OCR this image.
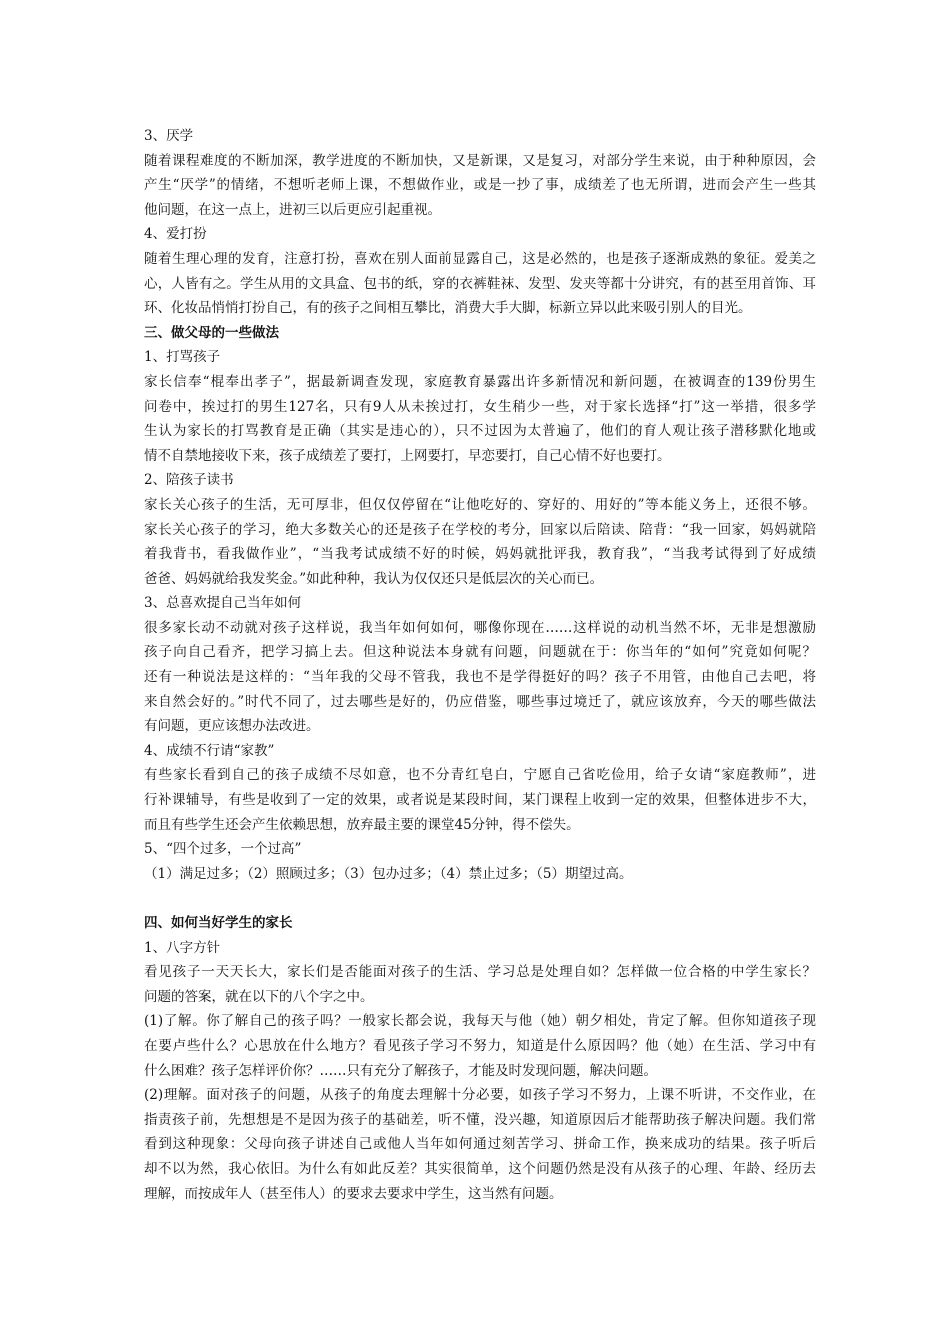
3、厌学
随着课程难度的不断加深，教学进度的不断加快，又是新课，又是复习，对部分学生来说，由于种种原因，会
产生“厌学”的情绪，不想听老师上课，不想做作业，或是一抄了事，成绩差了也无所谓，进而会产生一些其
他问题，在这一点上，进初三以后更应引起重视。
4、爱打扮
随着生理心理的发育，注意打扮，喜欢在别人面前显露自己，这是必然的，也是孩子逐渐成熟的象征。爱美之
心，人皆有之。学生从用的文具盒、包书的纸，穿的衣裤鞋袜、发型、发夹等都十分讲究，有的甚至用首饰、耳
环、化妆品悄悄打扮自己，有的孩子之间相互攀比，消费大手大脚，标新立异以此来吸引别人的目光。
三、做父母的一些做法
1、打骂孩子
家长信奉“棍奉出孝子”，据最新调查发现，家庭教育暴露出许多新情况和新问题，在被调查的139份男生
问卷中，挨过打的男生127名，只有9人从未挨过打，女生稍少一些，对于家长选择“打”这一举措，很多学
生认为家长的打骂教育是正确（其实是违心的），只不过因为太普遍了，他们的育人观让孩子潜移默化地或
情不自禁地接收下来，孩子成绩差了要打，上网要打，早恋要打，自己心情不好也要打。
2、陪孩子读书
家长关心孩子的生活，无可厚非，但仅仅停留在“让他吃好的、穿好的、用好的”等本能义务上，还很不够。
家长关心孩子的学习，绝大多数关心的还是孩子在学校的考分，回家以后陪读、陪背：“我一回家，妈妈就陪
着我背书，看我做作业”，“当我考试成绩不好的时候，妈妈就批评我，教育我”，“当我考试得到了好成绩
爸爸、妈妈就给我发奖金。”如此种种，我认为仅仅还只是低层次的关心而已。
3、总喜欢提自己当年如何
很多家长动不动就对孩子这样说，我当年如何如何，哪像你现在……这样说的动机当然不坏，无非是想激励
孩子向自己看齐，把学习搞上去。但这种说法本身就有问题，问题就在于：你当年的“如何”究竟如何呢？
还有一种说法是这样的：“当年我的父母不管我，我也不是学得挺好的吗？孩子不用管，由他自己去吧，将
来自然会好的。”时代不同了，过去哪些是好的，仍应借鉴，哪些事过境迁了，就应该放弃，今天的哪些做法
有问题，更应该想办法改进。
4、成绩不行请“家教”
有些家长看到自己的孩子成绩不尽如意，也不分青红皂白，宁愿自己省吃俭用，给子女请“家庭教师”，进
行补课辅导，有些是收到了一定的效果，或者说是某段时间，某门课程上收到一定的效果，但整体进步不大，
而且有些学生还会产生依赖思想，放弃最主要的课堂45分钟，得不偿失。
5、“四个过多，一个过高”
（1）满足过多；（2）照顾过多；（3）包办过多；（4）禁止过多；（5）期望过高。
四、如何当好学生的家长
1、八字方针
看见孩子一天天长大，家长们是否能面对孩子的生活、学习总是处理自如？怎样做一位合格的中学生家长？
问题的答案，就在以下的八个字之中。
(1)了解。你了解自己的孩子吗？一般家长都会说，我每天与他（她）朝夕相处，肯定了解。但你知道孩子现
在要卢些什么？心思放在什么地方？看见孩子学习不努力，知道是什么原因吗？他（她）在生活、学习中有
什么困难？孩子怎样评价你？……只有充分了解孩子，才能及时发现问题，解决问题。
(2)理解。面对孩子的问题，从孩子的角度去理解十分必要，如孩子学习不努力，上课不听讲，不交作业，在
指责孩子前，先想想是不是因为孩子的基础差，听不懂，没兴趣，知道原因后才能帮助孩子解决问题。我们常
看到这种现象：父母向孩子讲述自己或他人当年如何通过刻苦学习、拼命工作，换来成功的结果。孩子听后
却不以为然，我心依旧。为什么有如此反差？其实很简单，这个问题仍然是没有从孩子的心理、年龄、经历去
理解，而按成年人（甚至伟人）的要求去要求中学生，这当然有问题。
